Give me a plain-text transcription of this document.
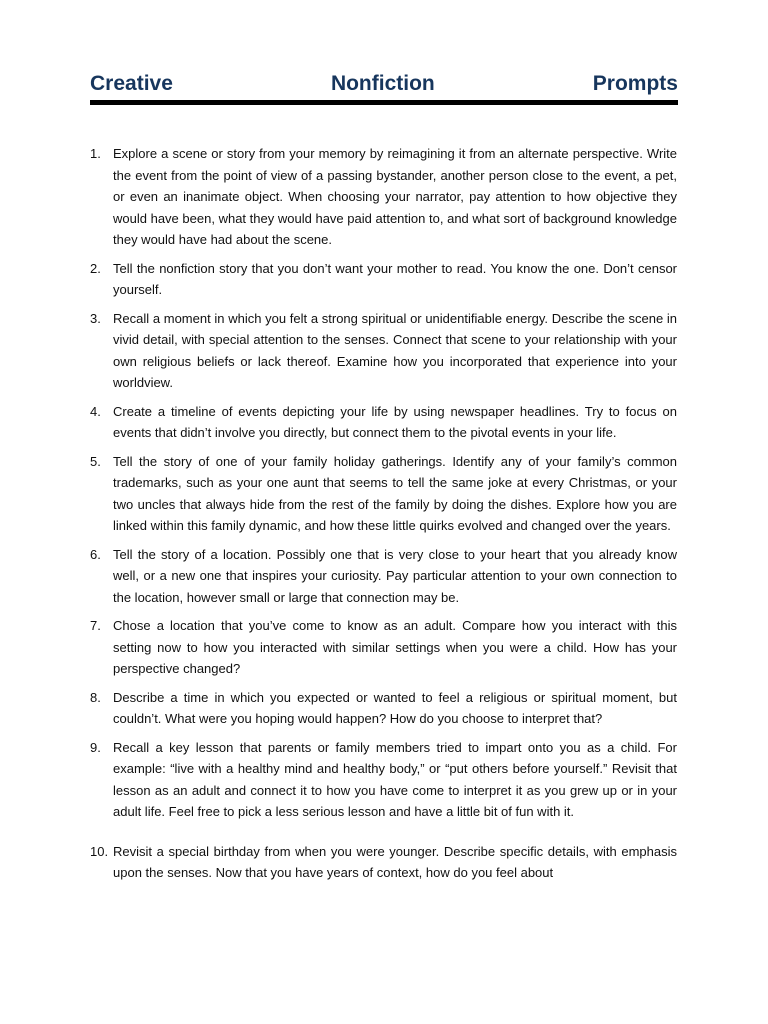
Creative	Nonfiction	Prompts
1. Explore a scene or story from your memory by reimagining it from an alternate perspective. Write the event from the point of view of a passing bystander, another person close to the event, a pet, or even an inanimate object. When choosing your narrator, pay attention to how objective they would have been, what they would have paid attention to, and what sort of background knowledge they would have had about the scene.
2. Tell the nonfiction story that you don’t want your mother to read. You know the one. Don’t censor yourself.
3. Recall a moment in which you felt a strong spiritual or unidentifiable energy. Describe the scene in vivid detail, with special attention to the senses. Connect that scene to your relationship with your own religious beliefs or lack thereof. Examine how you incorporated that experience into your worldview.
4. Create a timeline of events depicting your life by using newspaper headlines. Try to focus on events that didn’t involve you directly, but connect them to the pivotal events in your life.
5. Tell the story of one of your family holiday gatherings. Identify any of your family’s common trademarks, such as your one aunt that seems to tell the same joke at every Christmas, or your two uncles that always hide from the rest of the family by doing the dishes. Explore how you are linked within this family dynamic, and how these little quirks evolved and changed over the years.
6. Tell the story of a location. Possibly one that is very close to your heart that you already know well, or a new one that inspires your curiosity. Pay particular attention to your own connection to the location, however small or large that connection may be.
7. Chose a location that you’ve come to know as an adult. Compare how you interact with this setting now to how you interacted with similar settings when you were a child. How has your perspective changed?
8. Describe a time in which you expected or wanted to feel a religious or spiritual moment, but couldn’t. What were you hoping would happen? How do you choose to interpret that?
9. Recall a key lesson that parents or family members tried to impart onto you as a child. For example: “live with a healthy mind and healthy body,” or “put others before yourself.” Revisit that lesson as an adult and connect it to how you have come to interpret it as you grew up or in your adult life. Feel free to pick a less serious lesson and have a little bit of fun with it.
10. Revisit a special birthday from when you were younger. Describe specific details, with emphasis upon the senses. Now that you have years of context, how do you feel about
